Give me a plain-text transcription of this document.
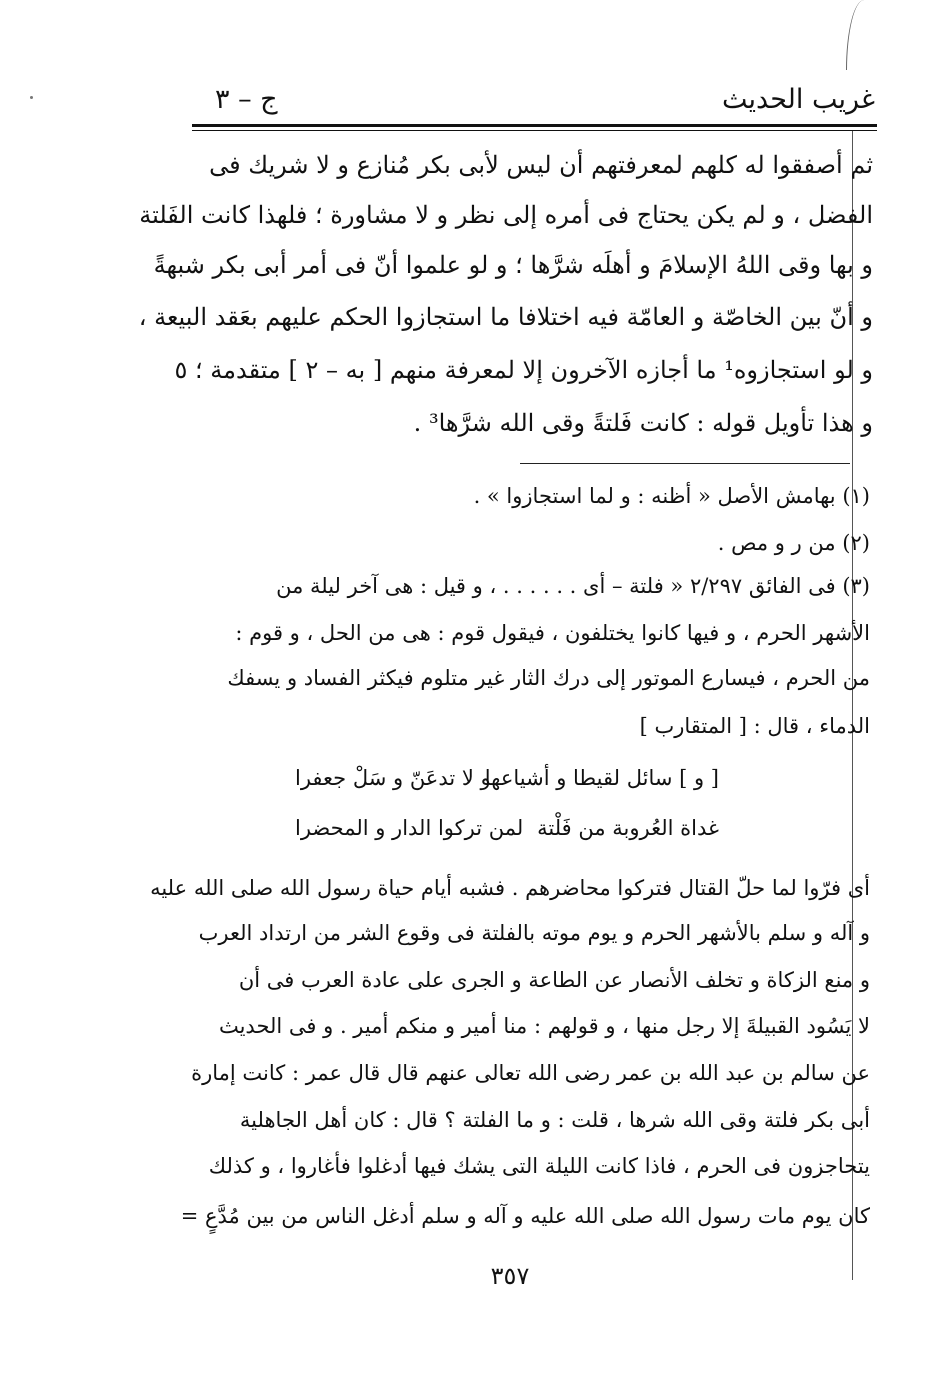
غريب الحديث
ج – ٣
ثم أصفقوا له كلهم لمعرفتهم أن ليس لأبى بكر مُنازع و لا شريك فى
الفضل ، و لم يكن يحتاج فى أمره إلى نظر و لا مشاورة ؛ فلهذا كانت الفَلتة
و بها وقى اللهُ الإسلامَ و أهلَه شرَّها ؛ و لو علموا أنّ فى أمر أبى بكر شبهةً
و أنّ بين الخاصّة و العامّة فيه اختلافا ما استجازوا الحكم عليهم بعَقد البيعة ،
و لو استجازوه¹ ما أجازه الآخرون إلا لمعرفة منهم [ به – ٢ ] متقدمة ؛ ٥
و هذا تأويل قوله : كانت فَلتةً وقى الله شرَّها³ .
(١) بهامش الأصل « أظنه : و لما استجازوا » .
(٢) من ر و مص .
(٣) فى الفائق ٢/٢٩٧ « فلتة – أى . . . . . . ، و قيل : هى آخر ليلة من
الأشهر الحرم ، و فيها كانوا يختلفون ، فيقول قوم : هى من الحل ، و قوم :
من الحرم ، فيسارع الموتور إلى درك الثار غير متلوم فيكثر الفساد و يسفك
الدماء ، قال : [ المتقارب ]
[ و ] سائل لقيطا و أشياعها
و لا تدعَنّ و سَلْ جعفرا
غداة العُروبة من فَلْتة
لمن تركوا الدار و المحضرا
أى فرّوا لما حلّ القتال فتركوا محاضرهم . فشبه أيام حياة رسول الله صلى الله عليه
و آله و سلم بالأشهر الحرم و يوم موته بالفلتة فى وقوع الشر من ارتداد العرب
و منع الزكاة و تخلف الأنصار عن الطاعة و الجرى على عادة العرب فى أن
لا يَسُود القبيلةَ إلا رجل منها ، و قولهم : منا أمير و منكم أمير . و فى الحديث
عن سالم بن عبد الله بن عمر رضى الله تعالى عنهم قال قال عمر : كانت إمارة
أبى بكر فلتة وقى الله شرها ، قلت : و ما الفلتة ؟ قال : كان أهل الجاهلية
يتحاجزون فى الحرم ، فاذا كانت الليلة التى يشك فيها أدغلوا فأغاروا ، و كذلك
كان يوم مات رسول الله صلى الله عليه و آله و سلم أدغل الناس من بين مُدَّعٍ =
٣٥٧
